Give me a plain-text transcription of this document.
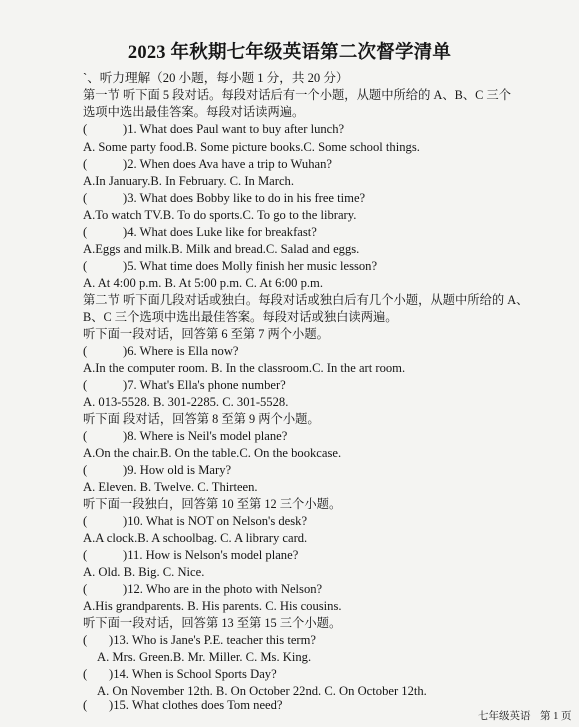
2023 年秋期七年级英语第二次督学清单
`、听力理解（20 小题，每小题 1 分，共 20 分）
第一节 听下面 5 段对话。每段对话后有一个小题，从题中所给的 A、B、C 三个
选项中选出最佳答案。每段对话读两遍。
(	)1. What does Paul want to buy after lunch?
A. Some party food.B. Some picture books.C. Some school things.
(	)2. When does Ava have a trip to Wuhan?
A.In January.B. In February. C. In March.
(	)3. What does Bobby like to do in his free time?
A.To watch TV.B. To do sports.C. To go to the library.
(	)4. What does Luke like for breakfast?
A.Eggs and milk.B. Milk and bread.C. Salad and eggs.
(	)5. What time does Molly finish her music lesson?
A. At 4:00 p.m. B. At 5:00 p.m. C. At 6:00 p.m.
第二节 听下面几段对话或独白。每段对话或独白后有几个小题，从题中所给的 A、
B、C 三个选项中选出最佳答案。每段对话或独白读两遍。
听下面一段对话，回答第 6 至第 7 两个小题。
(	)6. Where is Ella now?
A.In the computer room. B. In the classroom.C. In the art room.
(	)7. What's Ella's phone number?
A. 013-5528. B. 301-2285. C. 301-5528.
听下面 段对话，回答第 8 至第 9 两个小题。
(	)8. Where is Neil's model plane?
A.On the chair.B. On the table.C. On the bookcase.
(	)9. How old is Mary?
A. Eleven. B. Twelve. C. Thirteen.
听下面一段独白，回答第 10 至第 12 三个小题。
(	)10. What is NOT on Nelson's desk?
A.A clock.B. A schoolbag. C. A library card.
(	)11. How is Nelson's model plane?
A. Old. B. Big. C. Nice.
(	)12. Who are in the photo with Nelson?
A.His grandparents. B. His parents. C. His cousins.
听下面一段对话，回答第 13 至第 15 三个小题。
( )13. Who is Jane's P.E. teacher this term?
A. Mrs. Green.B. Mr. Miller. C. Ms. King.
( )14. When is School Sports Day?
A. On November 12th. B. On October 22nd. C. On October 12th.
( )15. What clothes does Tom need?
七年级英语 第 1 页
